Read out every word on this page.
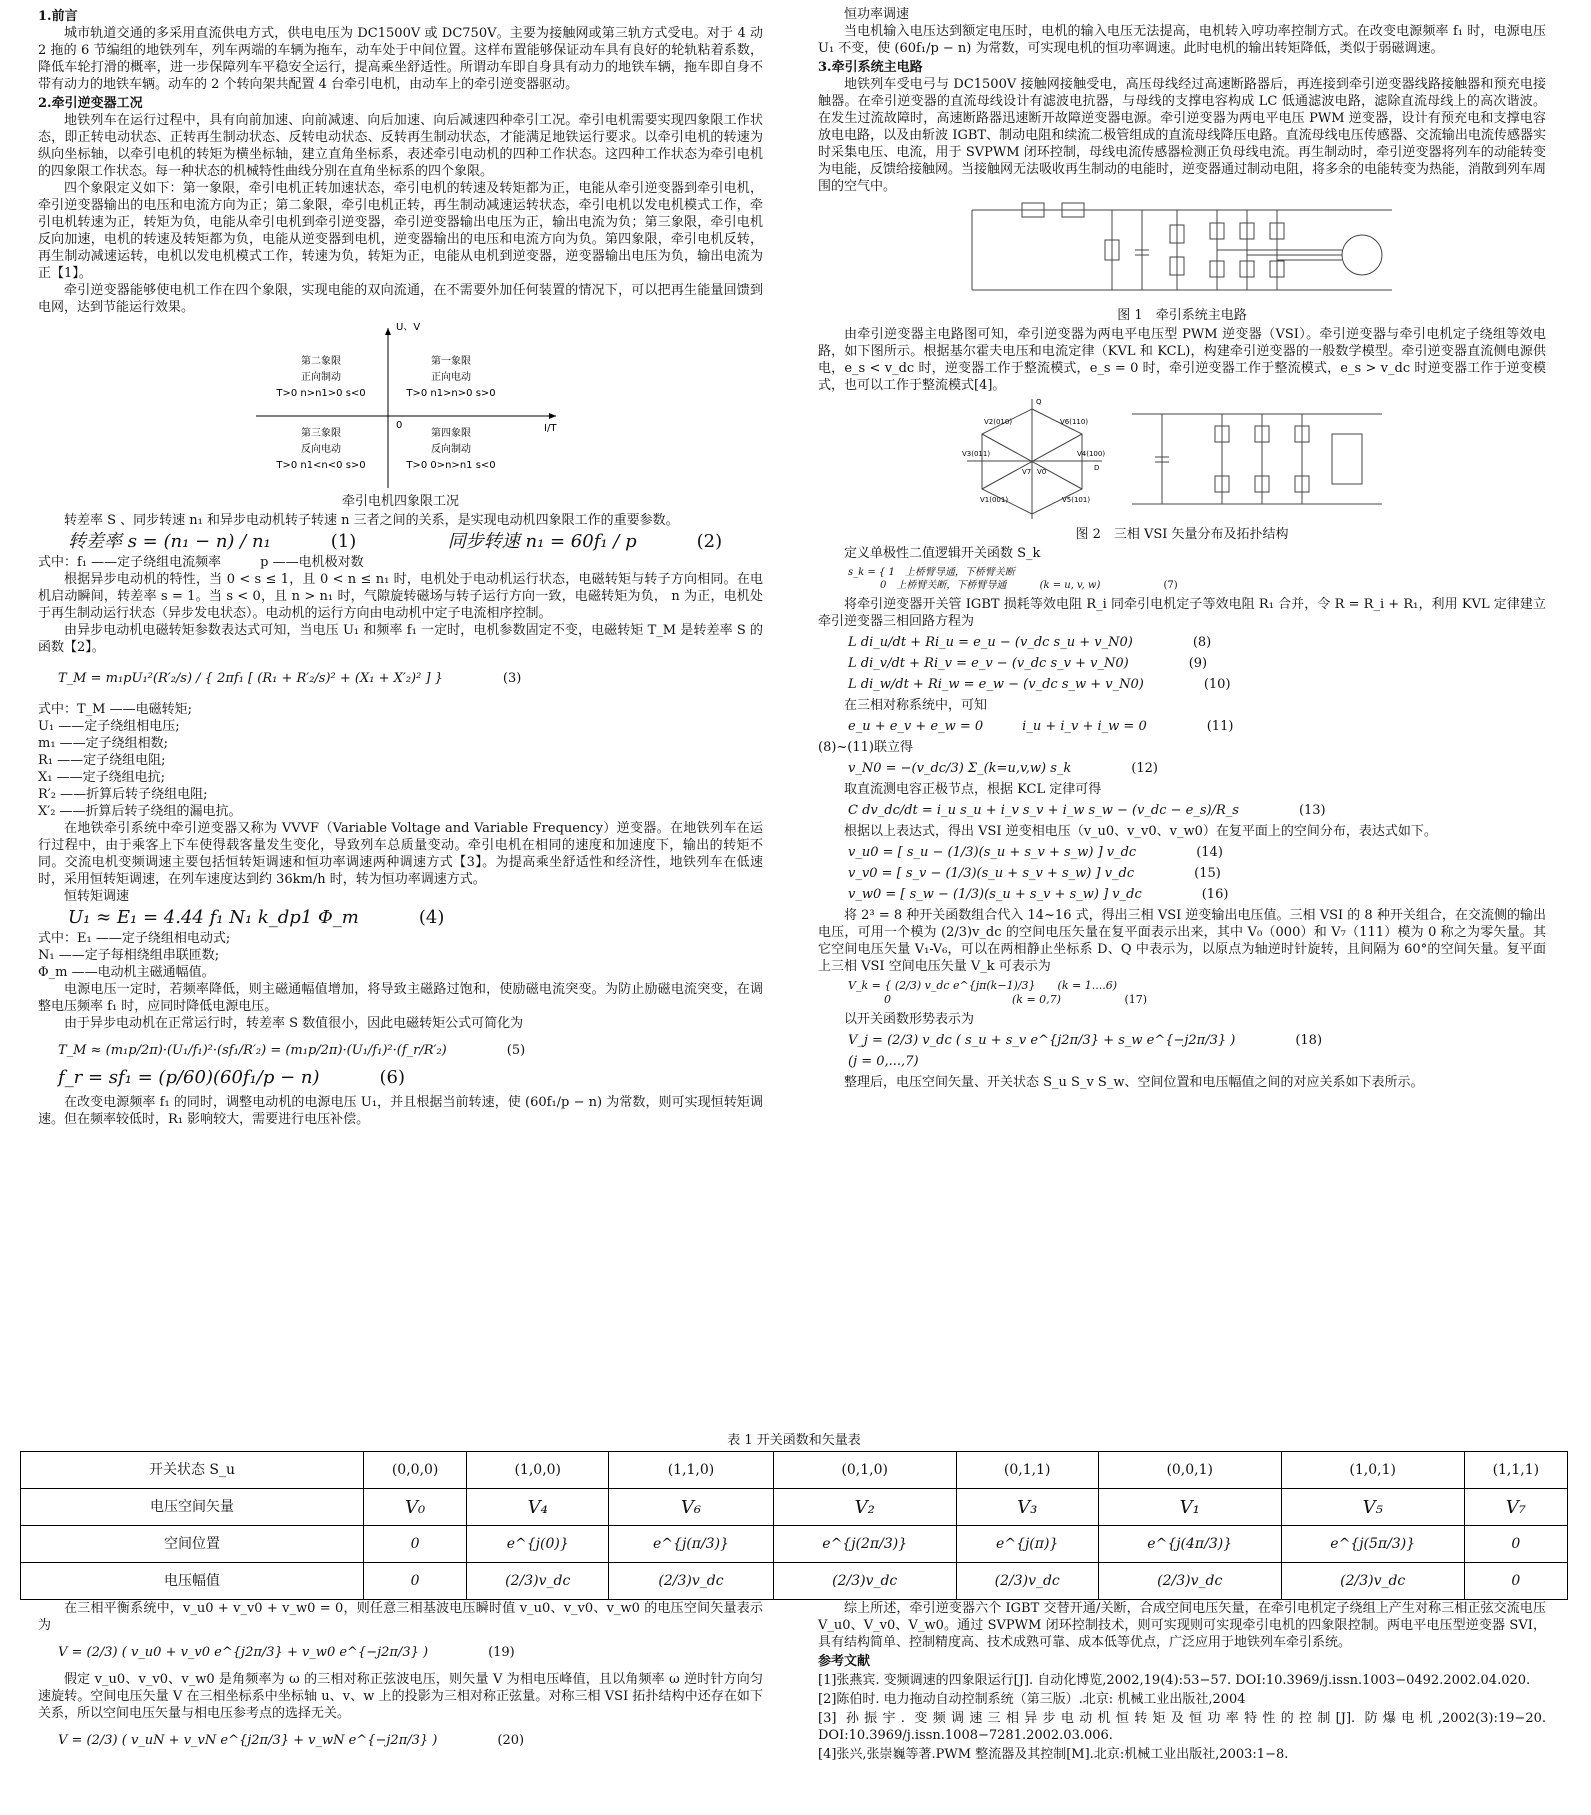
1.前言

城市轨道交通的多采用直流供电方式，供电电压为 DC1500V 或 DC750V。主要为接触网或第三轨方式受电。对于 4 动 2 拖的 6 节编组的地铁列车，列车两端的车辆为拖车，动车处于中间位置。这样布置能够保证动车具有良好的轮轨粘着系数，降低车轮打滑的概率，进一步保障列车平稳安全运行，提高乘坐舒适性。所谓动车即自身具有动力的地铁车辆，拖车即自身不带有动力的地铁车辆。动车的 2 个转向架共配置 4 台牵引电机，由动车上的牵引逆变器驱动。

2.牵引逆变器工况

地铁列车在运行过程中，具有向前加速、向前减速、向后加速、向后减速四种牵引工况。牵引电机需要实现四象限工作状态，即正转电动状态、正转再生制动状态、反转电动状态、反转再生制动状态，才能满足地铁运行要求。以牵引电机的转速为纵向坐标轴，以牵引电机的转矩为横坐标轴，建立直角坐标系，表述牵引电动机的四种工作状态。这四种工作状态为牵引电机的四象限工作状态。每一种状态的机械特性曲线分别在直角坐标系的四个象限。

四个象限定义如下：第一象限，牵引电机正转加速状态，牵引电机的转速及转矩都为正，电能从牵引逆变器到牵引电机，牵引逆变器输出的电压和电流方向为正；第二象限，牵引电机正转，再生制动减速运转状态，牵引电机以发电机模式工作，牵引电机转速为正，转矩为负，电能从牵引电机到牵引逆变器，牵引逆变器输出电压为正，输出电流为负；第三象限，牵引电机反向加速，电机的转速及转矩都为负，电能从逆变器到电机，逆变器输出的电压和电流方向为负。第四象限，牵引电机反转，再生制动减速运转，电机以发电机模式工作，转速为负，转矩为正，电能从电机到逆变器，逆变器输出电压为负，输出电流为正【1】。

牵引逆变器能够使电机工作在四个象限，实现电能的双向流通，在不需要外加任何装置的情况下，可以把再生能量回馈到电网，达到节能运行效果。

U、V
I/T
0
第二象限
正向制动
T>0 n>n1>0 s<0
第一象限
正向电动
T>0 n1>n>0 s>0
第三象限
反向电动
T>0 n1<n<0 s>0
第四象限
反向制动
T>0 0>n>n1 s<0

牵引电机四象限工况

转差率 S 、同步转速 n₁ 和异步电动机转子转速 n 三者之间的关系，是实现电动机四象限工作的重要参数。

转差率 s = (n₁ − n) / n₁	(1)	同步转速 n₁ = 60f₁ / p	(2)

式中：f₁ ——定子绕组电流频率　　　p ——电机极对数

根据异步电动机的特性，当 0 < s ≤ 1，且 0 < n ≤ n₁ 时，电机处于电动机运行状态，电磁转矩与转子方向相同。在电机启动瞬间，转差率 s = 1。当 s < 0，且 n > n₁ 时，气隙旋转磁场与转子运行方向一致，电磁转矩为负， n 为正，电机处于再生制动运行状态（异步发电状态）。电动机的运行方向由电动机中定子电流相序控制。

由异步电动机电磁转矩参数表达式可知，当电压 U₁ 和频率 f₁ 一定时，电机参数固定不变，电磁转矩 T_M 是转差率 S 的函数【2】。

T_M = m₁pU₁²(R′₂/s) / { 2πf₁ [ (R₁ + R′₂/s)² + (X₁ + X′₂)² ] }	(3)

式中：T_M ——电磁转矩;

U₁ ——定子绕组相电压;

m₁ ——定子绕组相数;

R₁ ——定子绕组电阻;

X₁ ——定子绕组电抗;

R′₂ ——折算后转子绕组电阻;

X′₂ ——折算后转子绕组的漏电抗。

在地铁牵引系统中牵引逆变器又称为 VVVF（Variable Voltage and Variable Frequency）逆变器。在地铁列车在运行过程中，由于乘客上下车使得载客量发生变化，导致列车总质量变动。牵引电机在相同的速度和加速度下，输出的转矩不同。交流电机变频调速主要包括恒转矩调速和恒功率调速两种调速方式【3】。为提高乘坐舒适性和经济性，地铁列车在低速时，采用恒转矩调速，在列车速度达到约 36km/h 时，转为恒功率调速方式。

恒转矩调速

U₁ ≈ E₁ = 4.44 f₁ N₁ k_dp1 Φ_m	(4)

式中：E₁ ——定子绕组相电动式;

N₁ ——定子每相绕组串联匝数;

Φ_m ——电动机主磁通幅值。

电源电压一定时，若频率降低，则主磁通幅值增加，将导致主磁路过饱和，使励磁电流突变。为防止励磁电流突变，在调整电压频率 f₁ 时，应同时降低电源电压。

由于异步电动机在正常运行时，转差率 S 数值很小，因此电磁转矩公式可简化为

T_M ≈ (m₁p/2π)·(U₁/f₁)²·(sf₁/R′₂) = (m₁p/2π)·(U₁/f₁)²·(f_r/R′₂)	(5)
f_r = sf₁ = (p/60)(60f₁/p − n)	(6)

在改变电源频率 f₁ 的同时，调整电动机的电源电压 U₁，并且根据当前转速，使 (60f₁/p − n) 为常数，则可实现恒转矩调速。但在频率较低时，R₁ 影响较大，需要进行电压补偿。

恒功率调速

当电机输入电压达到额定电压时，电机的输入电压无法提高，电机转入哼功率控制方式。在改变电源频率 f₁ 时，电源电压 U₁ 不变，使 (60f₁/p − n) 为常数，可实现电机的恒功率调速。此时电机的输出转矩降低，类似于弱磁调速。

3.牵引系统主电路

地铁列车受电弓与 DC1500V 接触网接触受电，高压母线经过高速断路器后，再连接到牵引逆变器线路接触器和预充电接触器。在牵引逆变器的直流母线设计有滤波电抗器，与母线的支撑电容构成 LC 低通滤波电路，滤除直流母线上的高次谐波。在发生过流故障时，高速断路器迅速断开故障逆变器电源。牵引逆变器为两电平电压 PWM 逆变器，设计有预充电和支撑电容放电电路，以及由斩波 IGBT、制动电阻和续流二极管组成的直流母线降压电路。直流母线电压传感器、交流输出电流传感器实时采集电压、电流，用于 SVPWM 闭环控制，母线电流传感器检测正负母线电流。再生制动时，牵引逆变器将列车的动能转变为电能，反馈给接触网。当接触网无法吸收再生制动的电能时，逆变器通过制动电阻，将多余的电能转变为热能，消散到列车周围的空气中。

图 1　牵引系统主电路

由牵引逆变器主电路图可知，牵引逆变器为两电平电压型 PWM 逆变器（VSI）。牵引逆变器与牵引电机定子绕组等效电路，如下图所示。根据基尔霍夫电压和电流定律（KVL 和 KCL)，构建牵引逆变器的一般数学模型。牵引逆变器直流侧电源供电，e_s < v_dc 时，逆变器工作于整流模式，e_s = 0 时，牵引逆变器工作于整流模式，e_s > v_dc 时逆变器工作于逆变模式，也可以工作于整流模式[4]。

Q
V6(110)
V2(010)
V3(011)	V4(100)
V1(001)	V5(101)
V7 V0	D

图 2　三相 VSI 矢量分布及拓扑结构

定义单极性二值逻辑开关函数 S_k

s_k = { 1　上桥臂导通，下桥臂关断
0　上桥臂关断，下桥臂导通	(k = u, v, w)	(7)

将牵引逆变器开关管 IGBT 损耗等效电阻 R_i 同牵引电机定子等效电阻 R₁ 合并，令 R = R_i + R₁，利用 KVL 定律建立牵引逆变器三相回路方程为

L di_u/dt + Ri_u = e_u − (v_dc s_u + v_N0)	(8)
L di_v/dt + Ri_v = e_v − (v_dc s_v + v_N0)	(9)
L di_w/dt + Ri_w = e_w − (v_dc s_w + v_N0)	(10)

在三相对称系统中，可知

e_u + e_v + e_w = 0　　　i_u + i_v + i_w = 0	(11)

(8)~(11)联立得

v_N0 = −(v_dc/3) Σ_(k=u,v,w) s_k	(12)

取直流测电容正极节点，根据 KCL 定律可得

C dv_dc/dt = i_u s_u + i_v s_v + i_w s_w − (v_dc − e_s)/R_s	(13)

根据以上表达式，得出 VSI 逆变相电压（v_u0、v_v0、v_w0）在复平面上的空间分布，表达式如下。

v_u0 = [ s_u − (1/3)(s_u + s_v + s_w) ] v_dc	(14)
v_v0 = [ s_v − (1/3)(s_u + s_v + s_w) ] v_dc	(15)
v_w0 = [ s_w − (1/3)(s_u + s_v + s_w) ] v_dc	(16)

将 2³ = 8 种开关函数组合代入 14~16 式，得出三相 VSI 逆变输出电压值。三相 VSI 的 8 种开关组合，在交流侧的输出电压，可用一个模为 (2/3)v_dc 的空间电压矢量在复平面表示出来，其中 V₀（000）和 V₇（111）模为 0 称之为零矢量。其它空间电压矢量 V₁-V₆，可以在两相静止坐标系 D、Q 中表示为，以原点为轴逆时针旋转，且间隔为 60°的空间矢量。复平面上三相 VSI 空间电压矢量 V_k 可表示为

V_k = { (2/3) v_dc e^{jπ(k−1)/3}　　(k = 1....6)
0　　　　　　　　　　　(k = 0,7)	(17)

以开关函数形势表示为

V_j = (2/3) v_dc ( s_u + s_v e^{j2π/3} + s_w e^{−j2π/3} )	(18)
(j = 0,...,7)

整理后，电压空间矢量、开关状态 S_u S_v S_w、空间位置和电压幅值之间的对应关系如下表所示。

表 1 开关函数和矢量表
开关状态 S_u	(0,0,0)	(1,0,0)	(1,1,0)	(0,1,0)	(0,1,1)	(0,0,1)	(1,0,1)	(1,1,1)
电压空间矢量	V₀	V₄	V₆	V₂	V₃	V₁	V₅	V₇
空间位置	0	e^{j(0)}	e^{j(π/3)}	e^{j(2π/3)}	e^{j(π)}	e^{j(4π/3)}	e^{j(5π/3)}	0
电压幅值	0	(2/3)v_dc	(2/3)v_dc	(2/3)v_dc	(2/3)v_dc	(2/3)v_dc	(2/3)v_dc	0

在三相平衡系统中，v_u0 + v_v0 + v_w0 = 0，则任意三相基波电压瞬时值 v_u0、v_v0、v_w0 的电压空间矢量表示为

V = (2/3) ( v_u0 + v_v0 e^{j2π/3} + v_w0 e^{−j2π/3} )	(19)

假定 v_u0、v_v0、v_w0 是角频率为 ω 的三相对称正弦波电压，则矢量 V 为相电压峰值，且以角频率 ω 逆时针方向匀速旋转。空间电压矢量 V 在三相坐标系中坐标轴 u、v、w 上的投影为三相对称正弦量。对称三相 VSI 拓扑结构中还存在如下关系，所以空间电压矢量与相电压参考点的选择无关。

V = (2/3) ( v_uN + v_vN e^{j2π/3} + v_wN e^{−j2π/3} )	(20)

综上所述，牵引逆变器六个 IGBT 交替开通/关断，合成空间电压矢量，在牵引电机定子绕组上产生对称三相正弦交流电压 V_u0、V_v0、V_w0。通过 SVPWM 闭环控制技术，则可实现则可实现牵引电机的四象限控制。两电平电压型逆变器 SVI，具有结构简单、控制精度高、技术成熟可靠、成本低等优点，广泛应用于地铁列车牵引系统。

参考文献

[1]张燕宾. 变频调速的四象限运行[J]. 自动化博览,2002,19(4):53−57. DOI:10.3969/j.issn.1003−0492.2002.04.020.

[2]陈伯时. 电力拖动自动控制系统（第三版）.北京: 机械工业出版社,2004

[3] 孙振宇. 变频调速三相异步电动机恒转矩及恒功率特性的控制[J]. 防爆电机,2002(3):19−20. DOI:10.3969/j.issn.1008−7281.2002.03.006.

[4]张兴,张崇巍等著.PWM 整流器及其控制[M].北京:机械工业出版社,2003:1−8.
